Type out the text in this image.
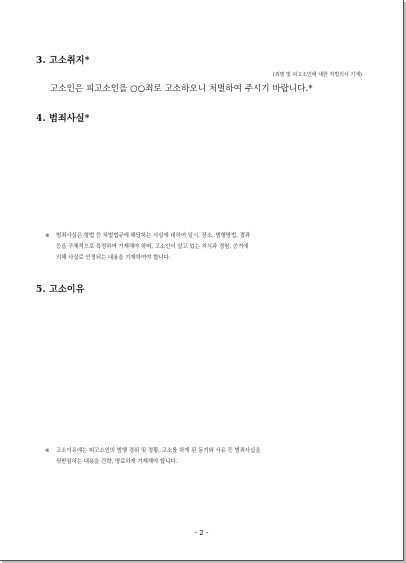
3. 고소취지*
(죄명 및 피고소인에 대한 처벌의사 기재)
고소인은 피고소인을 ○○죄로 고소하오니 처벌하여 주시기 바랍니다.*
4. 범죄사실*
※	범죄사실은 형법 등 처벌법규에 해당하는 사실에 대하여 일시, 장소, 범행방법, 결과
등을 구체적으로 특정하여 기재해야 하며, 고소인이 알고 있는 지식과 경험, 증거에
의해 사실로 인정되는 내용을 기재하여야 합니다.
5. 고소이유
※	고소이유에는 피고소인의 범행 경위 및 정황, 고소를 하게 된 동기와 사유 등 범죄사실을
뒷받침하는 내용을 간략, 명료하게 기재해야 합니다.
- 2 -
